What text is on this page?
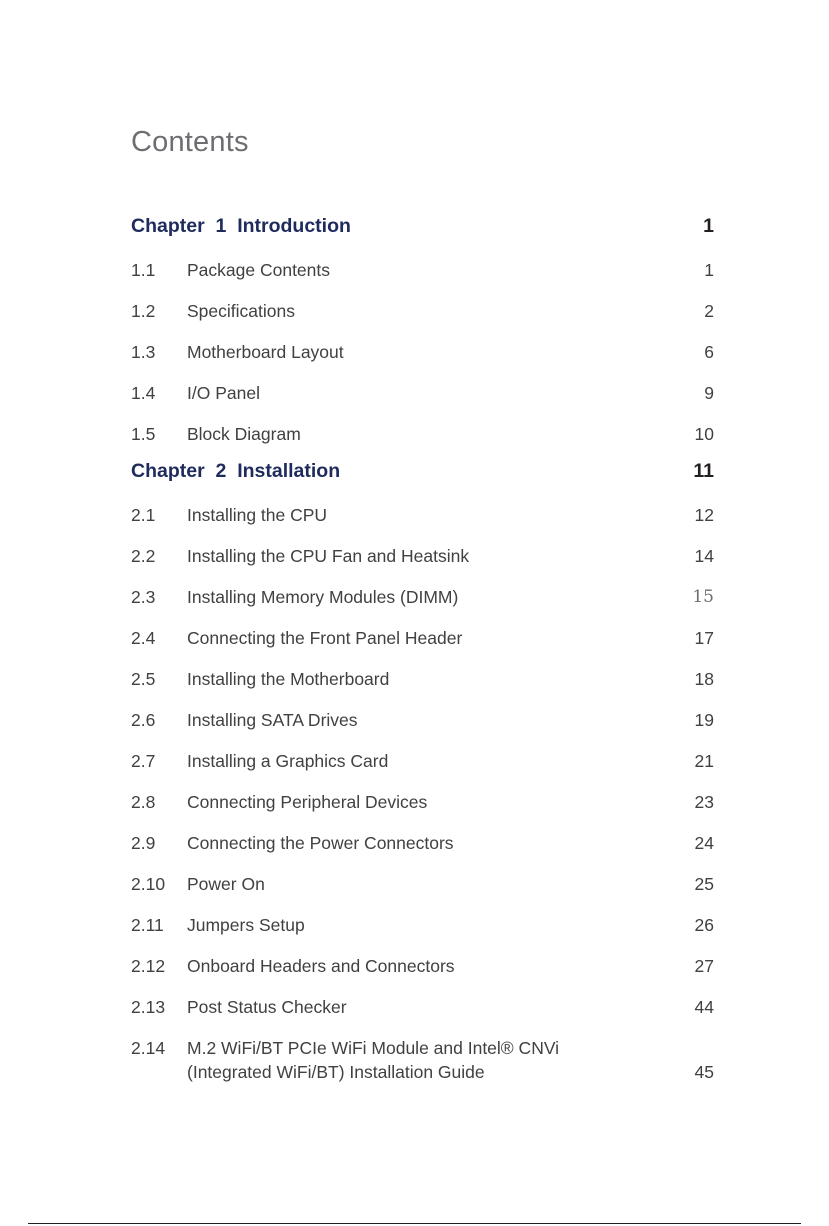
Contents
Chapter  1  Introduction	1
1.1	Package Contents	1
1.2	Specifications	2
1.3	Motherboard Layout	6
1.4	I/O Panel	9
1.5	Block Diagram	10
Chapter  2  Installation	11
2.1	Installing the CPU	12
2.2	Installing the CPU Fan and Heatsink	14
2.3	Installing Memory Modules (DIMM)	15
2.4	Connecting the Front Panel Header	17
2.5	Installing the Motherboard	18
2.6	Installing SATA Drives	19
2.7	Installing a Graphics Card	21
2.8	Connecting Peripheral Devices	23
2.9	Connecting the Power Connectors	24
2.10	Power On	25
2.11	Jumpers Setup	26
2.12	Onboard Headers and Connectors	27
2.13	Post Status Checker	44
2.14	M.2 WiFi/BT PCIe WiFi Module and Intel® CNVi (Integrated WiFi/BT) Installation Guide	45
